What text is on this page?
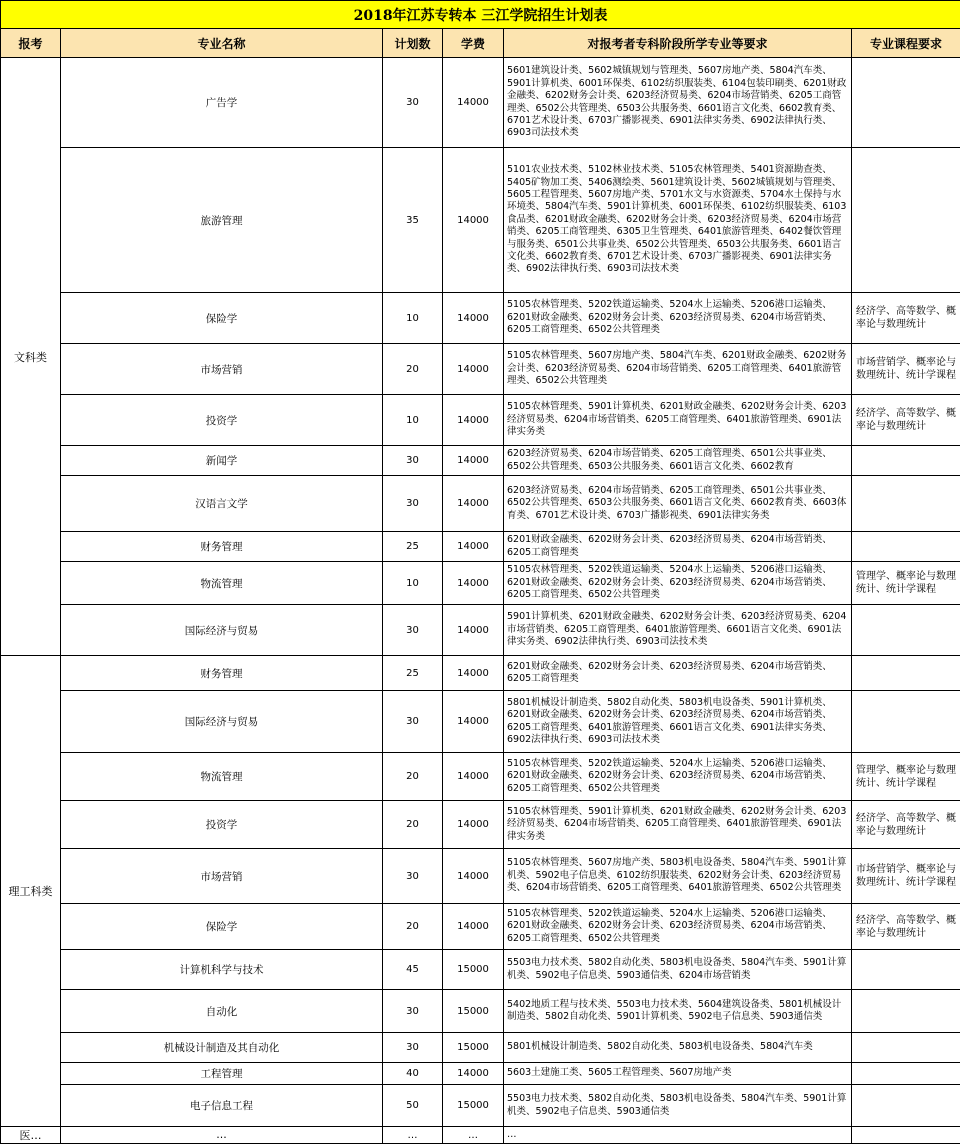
2018年江苏专转本 三江学院招生计划表					
报考	专业名称	计划数	学费	对报考者专科阶段所学专业等要求	专业课程要求
文科类	广告学	30	14000	5601建筑设计类、5602城镇规划与管理类、5607房地产类、5804汽车类、5901计算机类、6001环保类、6102纺织服装类、6104包装印刷类、6201财政金融类、6202财务会计类、6203经济贸易类、6204市场营销类、6205工商管理类、6502公共管理类、6503公共服务类、6601语言文化类、6602教育类、6701艺术设计类、6703广播影视类、6901法律实务类、6902法律执行类、6903司法技术类	
	旅游管理	35	14000	5101农业技术类、5102林业技术类、5105农林管理类、5401资源勘查类、5405矿物加工类、5406测绘类、5601建筑设计类、5602城镇规划与管理类、5605工程管理类、5607房地产类、5701水文与水资源类、5704水土保持与水环境类、5804汽车类、5901计算机类、6001环保类、6102纺织服装类、6103食品类、6201财政金融类、6202财务会计类、6203经济贸易类、6204市场营销类、6205工商管理类、6305卫生管理类、6401旅游管理类、6402餐饮管理与服务类、6501公共事业类、6502公共管理类、6503公共服务类、6601语言文化类、6602教育类、6701艺术设计类、6703广播影视类、6901法律实务类、6902法律执行类、6903司法技术类	
	保险学	10	14000	5105农林管理类、5202铁道运输类、5204水上运输类、5206港口运输类、6201财政金融类、6202财务会计类、6203经济贸易类、6204市场营销类、6205工商管理类、6502公共管理类	经济学、高等数学、概率论与数理统计
	市场营销	20	14000	5105农林管理类、5607房地产类、5804汽车类、6201财政金融类、6202财务会计类、6203经济贸易类、6204市场营销类、6205工商管理类、6401旅游管理类、6502公共管理类	市场营销学、概率论与数理统计、统计学课程
	投资学	10	14000	5105农林管理类、5901计算机类、6201财政金融类、6202财务会计类、6203经济贸易类、6204市场营销类、6205工商管理类、6401旅游管理类、6901法律实务类	经济学、高等数学、概率论与数理统计
	新闻学	30	14000	6203经济贸易类、6204市场营销类、6205工商管理类、6501公共事业类、6502公共管理类、6503公共服务类、6601语言文化类、6602教育	
	汉语言文学	30	14000	6203经济贸易类、6204市场营销类、6205工商管理类、6501公共事业类、6502公共管理类、6503公共服务类、6601语言文化类、6602教育类、6603体育类、6701艺术设计类、6703广播影视类、6901法律实务类	
	财务管理	25	14000	6201财政金融类、6202财务会计类、6203经济贸易类、6204市场营销类、6205工商管理类	
	物流管理	10	14000	5105农林管理类、5202铁道运输类、5204水上运输类、5206港口运输类、6201财政金融类、6202财务会计类、6203经济贸易类、6204市场营销类、6205工商管理类、6502公共管理类	管理学、概率论与数理统计、统计学课程
	国际经济与贸易	30	14000	5901计算机类、6201财政金融类、6202财务会计类、6203经济贸易类、6204市场营销类、6205工商管理类、6401旅游管理类、6601语言文化类、6901法律实务类、6902法律执行类、6903司法技术类	
理工科类	财务管理	25	14000	6201财政金融类、6202财务会计类、6203经济贸易类、6204市场营销类、6205工商管理类	
	国际经济与贸易	30	14000	5801机械设计制造类、5802自动化类、5803机电设备类、5901计算机类、6201财政金融类、6202财务会计类、6203经济贸易类、6204市场营销类、6205工商管理类、6401旅游管理类、6601语言文化类、6901法律实务类、6902法律执行类、6903司法技术类	
	物流管理	20	14000	5105农林管理类、5202铁道运输类、5204水上运输类、5206港口运输类、6201财政金融类、6202财务会计类、6203经济贸易类、6204市场营销类、6205工商管理类、6502公共管理类	管理学、概率论与数理统计、统计学课程
	投资学	20	14000	5105农林管理类、5901计算机类、6201财政金融类、6202财务会计类、6203经济贸易类、6204市场营销类、6205工商管理类、6401旅游管理类、6901法律实务类	经济学、高等数学、概率论与数理统计
	市场营销	30	14000	5105农林管理类、5607房地产类、5803机电设备类、5804汽车类、5901计算机类、5902电子信息类、6102纺织服装类、6202财务会计类、6203经济贸易类、6204市场营销类、6205工商管理类、6401旅游管理类、6502公共管理类	市场营销学、概率论与数理统计、统计学课程
	保险学	20	14000	5105农林管理类、5202铁道运输类、5204水上运输类、5206港口运输类、6201财政金融类、6202财务会计类、6203经济贸易类、6204市场营销类、6205工商管理类、6502公共管理类	经济学、高等数学、概率论与数理统计
	计算机科学与技术	45	15000	5503电力技术类、5802自动化类、5803机电设备类、5804汽车类、5901计算机类、5902电子信息类、5903通信类、6204市场营销类	
	自动化	30	15000	5402地质工程与技术类、5503电力技术类、5604建筑设备类、5801机械设计制造类、5802自动化类、5901计算机类、5902电子信息类、5903通信类	
	机械设计制造及其自动化	30	15000	5801机械设计制造类、5802自动化类、5803机电设备类、5804汽车类	
	工程管理	40	14000	5603土建施工类、5605工程管理类、5607房地产类	
	电子信息工程	50	15000	5503电力技术类、5802自动化类、5803机电设备类、5804汽车类、5901计算机类、5902电子信息类、5903通信类	
医…	…	…	…	…	
